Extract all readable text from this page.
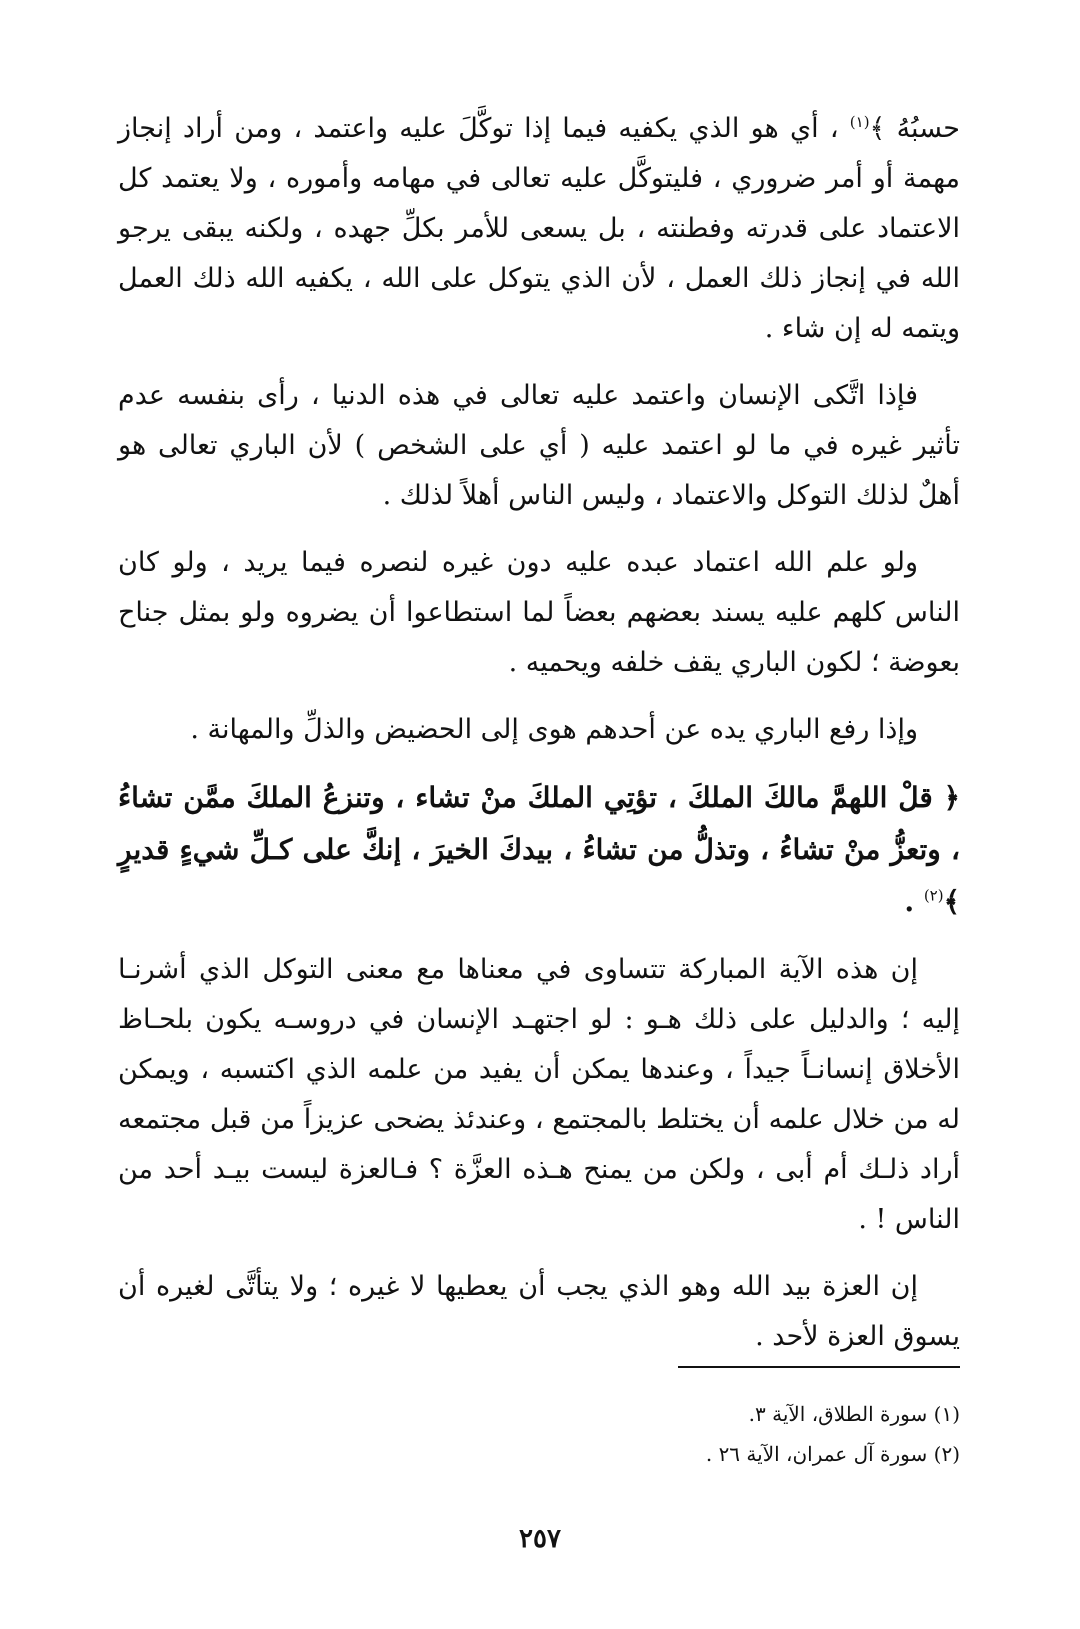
حسبُهُ ﴾$^{(١)}$ ، أي هو الذي يكفيه فيما إذا توكَّلَ عليه واعتمد ، ومن أراد إنجاز مهمة أو أمر ضروري ، فليتوكَّل عليه تعالى في مهامه وأموره ، ولا يعتمد كل الاعتماد على قدرته وفطنته ، بل يسعى للأمر بكلِّ جهده ، ولكنه يبقى يرجو الله في إنجاز ذلك العمل ، لأن الذي يتوكل على الله ، يكفيه الله ذلك العمل ويتمه له إن شاء .

فإذا اتَّكى الإنسان واعتمد عليه تعالى في هذه الدنيا ، رأى بنفسه عدم تأثير غيره في ما لو اعتمد عليه ( أي على الشخص ) لأن الباري تعالى هو أهلٌ لذلك التوكل والاعتماد ، وليس الناس أهلاً لذلك .

ولو علم الله اعتماد عبده عليه دون غيره لنصره فيما يريد ، ولو كان الناس كلهم عليه يسند بعضهم بعضاً لما استطاعوا أن يضروه ولو بمثل جناح بعوضة ؛ لكون الباري يقف خلفه ويحميه .

وإذا رفع الباري يده عن أحدهم هوى إلى الحضيض والذلِّ والمهانة .

﴿ قلْ اللهمَّ مالكَ الملكَ ، تؤتِي الملكَ منْ تشاء ، وتنزعُ الملكَ ممَّن تشاءُ ، وتعزُّ منْ تشاءُ ، وتذلُّ من تشاءُ ، بيدكَ الخيرَ ، إنكَّ على كـلِّ شيءٍ قديرٍ ﴾$^{(٢)}$ .

إن هذه الآية المباركة تتساوى في معناها مع معنى التوكل الذي أشرنـا إليه ؛ والدليل على ذلك هـو : لو اجتهـد الإنسان في دروسـه يكون بلحـاظ الأخلاق إنسانـاً جيداً ، وعندها يمكن أن يفيد من علمه الذي اكتسبه ، ويمكن له من خلال علمه أن يختلط بالمجتمع ، وعندئذ يضحى عزيزاً من قبل مجتمعه أراد ذلـك أم أبى ، ولكن من يمنح هـذه العزَّة ؟ فـالعزة ليست بيـد أحد من الناس ! .

إن العزة بيد الله وهو الذي يجب أن يعطيها لا غيره ؛ ولا يتأتَّى لغيره أن يسوق العزة لأحد .

(١) سورة الطلاق، الآية ٣.
(٢) سورة آل عمران، الآية ٢٦ .
٢٥٧
